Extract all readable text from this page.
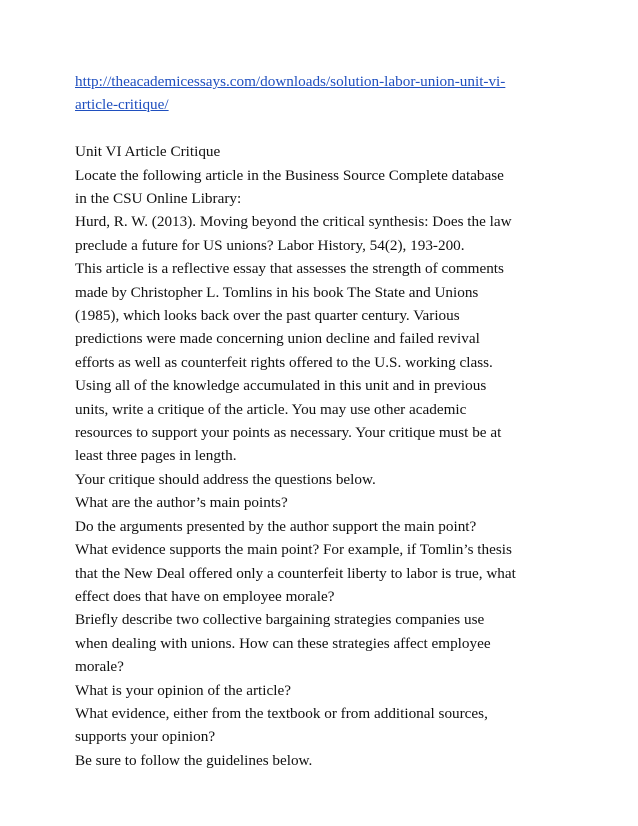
http://theacademicessays.com/downloads/solution-labor-union-unit-vi-
article-critique/
Unit VI Article Critique
Locate the following article in the Business Source Complete database
in the CSU Online Library:
Hurd, R. W. (2013). Moving beyond the critical synthesis: Does the law
preclude a future for US unions? Labor History, 54(2), 193-200.
This article is a reflective essay that assesses the strength of comments
made by Christopher L. Tomlins in his book The State and Unions
(1985), which looks back over the past quarter century. Various
predictions were made concerning union decline and failed revival
efforts as well as counterfeit rights offered to the U.S. working class.
Using all of the knowledge accumulated in this unit and in previous
units, write a critique of the article. You may use other academic
resources to support your points as necessary. Your critique must be at
least three pages in length.
Your critique should address the questions below.
What are the author’s main points?
Do the arguments presented by the author support the main point?
What evidence supports the main point? For example, if Tomlin’s thesis
that the New Deal offered only a counterfeit liberty to labor is true, what
effect does that have on employee morale?
Briefly describe two collective bargaining strategies companies use
when dealing with unions. How can these strategies affect employee
morale?
What is your opinion of the article?
What evidence, either from the textbook or from additional sources,
supports your opinion?
Be sure to follow the guidelines below.
